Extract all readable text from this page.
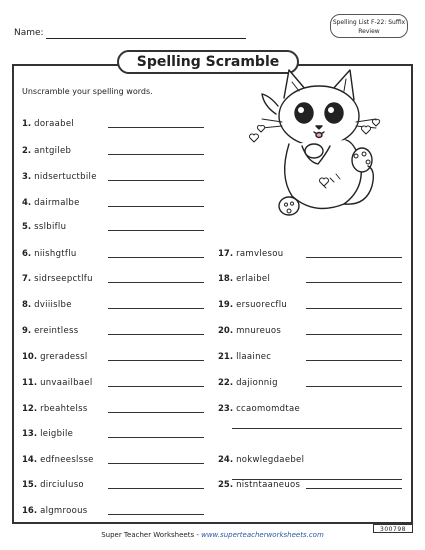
Name:
Spelling List F-22: Suffix Review
Spelling Scramble
Unscramble your spelling words.
1. doraabel
2. antgileb
3. nidsertuctbile
4. dairmalbe
5. sslbiflu
6. niishgtflu
7. sidrseepctlfu
8. dviiislbe
9. ereintless
10. greradessl
11. unvaailbael
12. rbeahtelss
13. leigbile
14. edfneeslsse
15. dirciuluso
16. algmroous
17. ramvlesou
18. erlaibel
19. ersuorecflu
20. mnureuos
21. llaainec
22. dajionnig
23. ccaomomdtae
24. nokwlegdaebel
25. nistntaaneuos
Super Teacher Worksheets - www.superteacherworksheets.com
300798
